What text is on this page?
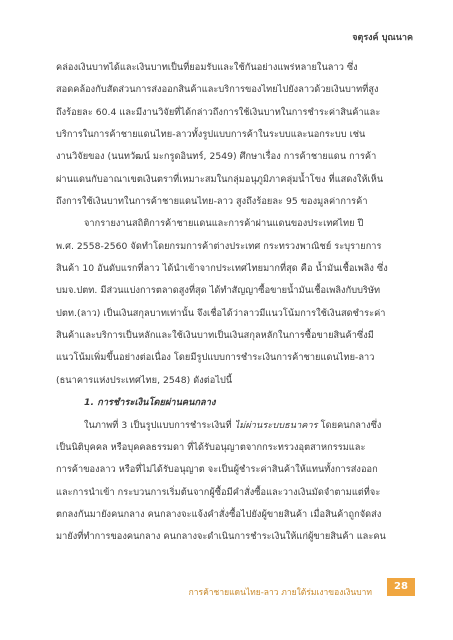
จตุรงค์ บุณนาค
คล่องเงินบาทได้และเงินบาทเป็นที่ยอมรับและใช้กันอย่างแพร่หลายในลาว ซึ่ง
สอดคล้องกับสัดส่วนการส่งออกสินค้าและบริการของไทยไปยังลาวด้วยเงินบาทที่สูง
ถึงร้อยละ 60.4 และมีงานวิจัยที่ได้กล่าวถึงการใช้เงินบาทในการชำระค่าสินค้าและ
บริการในการค้าชายแดนไทย-ลาวทั้งรูปแบบการค้าในระบบและนอกระบบ เช่น
งานวิจัยของ (นนทวัฒน์ มะกรูดอินทร์, 2549) ศึกษาเรื่อง การค้าชายแดน การค้า
ผ่านแดนกับอาณาเขตเงินตราที่เหมาะสมในกลุ่มอนุภูมิภาคลุ่มน้ำโขง ที่แสดงให้เห็น
ถึงการใช้เงินบาทในการค้าชายแดนไทย-ลาว สูงถึงร้อยละ 95 ของมูลค่าการค้า
จากรายงานสถิติการค้าชายแดนและการค้าผ่านแดนของประเทศไทย ปี
พ.ศ. 2558-2560 จัดทำโดยกรมการค้าต่างประเทศ กระทรวงพาณิชย์ ระบุรายการ
สินค้า 10 อันดับแรกที่ลาว ได้นำเข้าจากประเทศไทยมากที่สุด คือ น้ำมันเชื้อเพลิง ซึ่ง
บมจ.ปตท. มีส่วนแบ่งการตลาดสูงที่สุด ได้ทำสัญญาซื้อขายน้ำมันเชื้อเพลิงกับบริษัท
ปตท.(ลาว) เป็นเงินสกุลบาทเท่านั้น จึงเชื่อได้ว่าลาวมีแนวโน้มการใช้เงินสดชำระค่า
สินค้าและบริการเป็นหลักและใช้เงินบาทเป็นเงินสกุลหลักในการซื้อขายสินค้าซึ่งมี
แนวโน้มเพิ่มขึ้นอย่างต่อเนื่อง โดยมีรูปแบบการชำระเงินการค้าชายแดนไทย-ลาว
(ธนาคารแห่งประเทศไทย, 2548) ดังต่อไปนี้
1. การชำระเงินโดยผ่านคนกลาง
ในภาพที่ 3 เป็นรูปแบบการชำระเงินที่ ไม่ผ่านระบบธนาคาร โดยคนกลางซึ่ง
เป็นนิติบุคคล หรือบุคคลธรรมดา ที่ได้รับอนุญาตจากกระทรวงอุตสาหกรรมและ
การค้าของลาว หรือที่ไม่ได้รับอนุญาต จะเป็นผู้ชำระค่าสินค้าให้แทนทั้งการส่งออก
และการนำเข้า กระบวนการเริ่มต้นจากผู้ซื้อมีคำสั่งซื้อและวางเงินมัดจำตามแต่ที่จะ
ตกลงกันมายังคนกลาง คนกลางจะแจ้งคำสั่งซื้อไปยังผู้ขายสินค้า เมื่อสินค้าถูกจัดส่ง
มายังที่ทำการของคนกลาง คนกลางจะดำเนินการชำระเงินให้แก่ผู้ขายสินค้า และคน
การค้าชายแดนไทย-ลาว ภายใต้ร่มเงาของเงินบาท
28
